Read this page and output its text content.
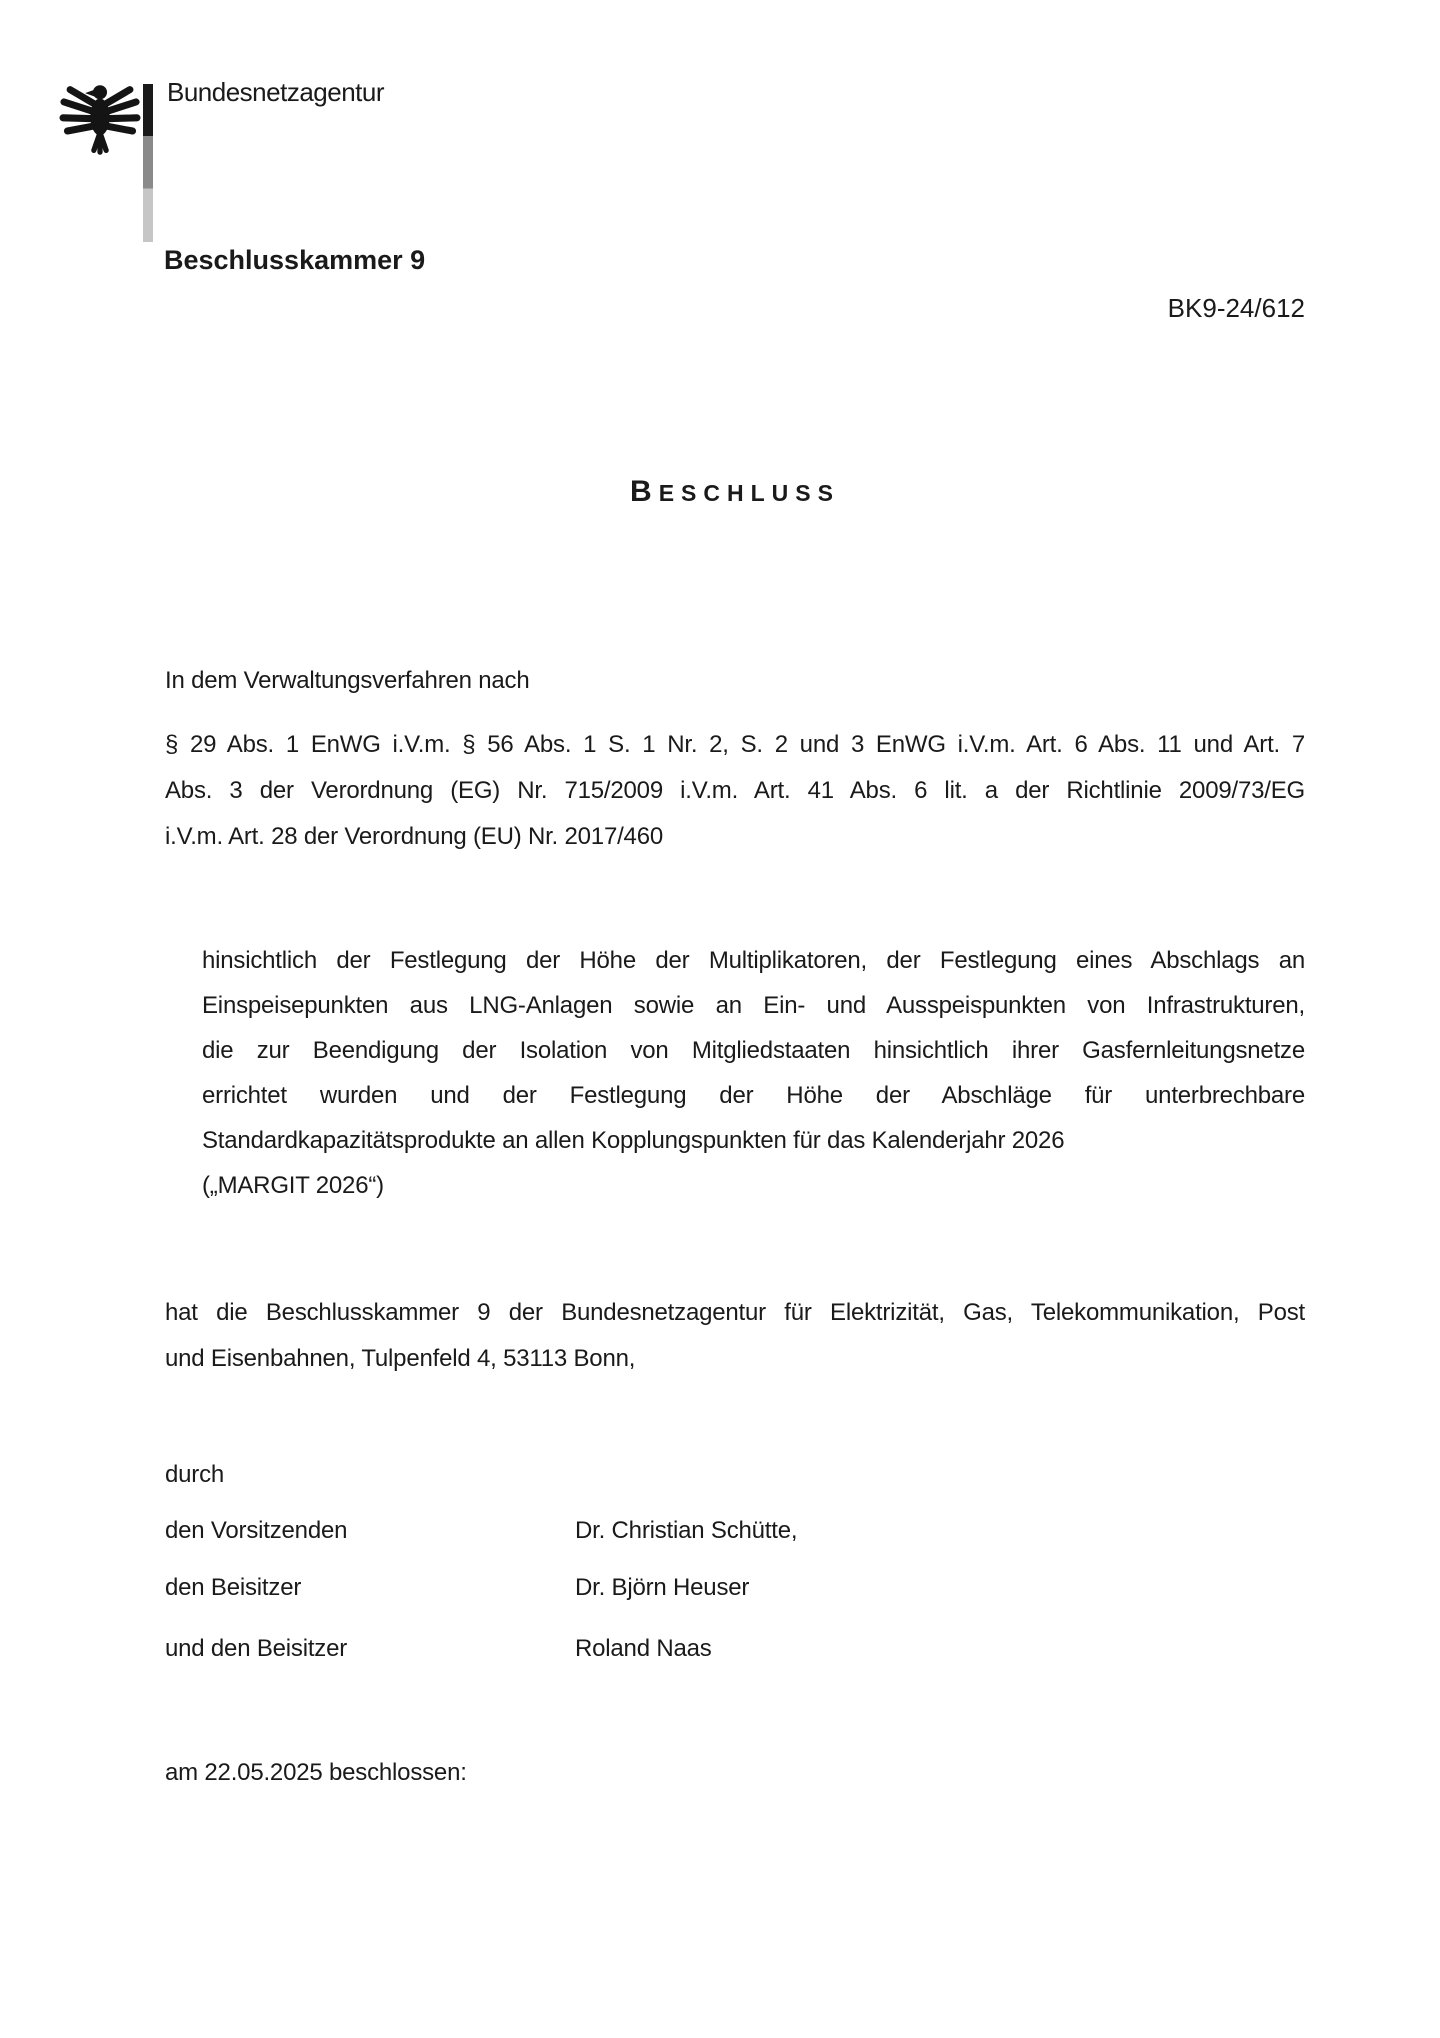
Bundesnetzagentur
Beschlusskammer 9
BK9-24/612
BESCHLUSS
In dem Verwaltungsverfahren nach
§ 29 Abs. 1 EnWG i.V.m. § 56 Abs. 1 S. 1 Nr. 2, S. 2 und 3 EnWG i.V.m. Art. 6 Abs. 11 und Art. 7
Abs. 3 der Verordnung (EG) Nr. 715/2009 i.V.m. Art. 41 Abs. 6 lit. a der Richtlinie 2009/73/EG
i.V.m. Art. 28 der Verordnung (EU) Nr. 2017/460
hinsichtlich der Festlegung der Höhe der Multiplikatoren, der Festlegung eines Abschlags an
Einspeisepunkten aus LNG-Anlagen sowie an Ein- und Ausspeispunkten von Infrastrukturen,
die zur Beendigung der Isolation von Mitgliedstaaten hinsichtlich ihrer Gasfernleitungsnetze
errichtet wurden und der Festlegung der Höhe der Abschläge für unterbrechbare
Standardkapazitätsprodukte an allen Kopplungspunkten für das Kalenderjahr 2026
(„MARGIT 2026“)
hat die Beschlusskammer 9 der Bundesnetzagentur für Elektrizität, Gas, Telekommunikation, Post
und Eisenbahnen, Tulpenfeld 4, 53113 Bonn,
durch
den Vorsitzenden	Dr. Christian Schütte,
den Beisitzer	Dr. Björn Heuser
und den Beisitzer	Roland Naas
am 22.05.2025 beschlossen:
